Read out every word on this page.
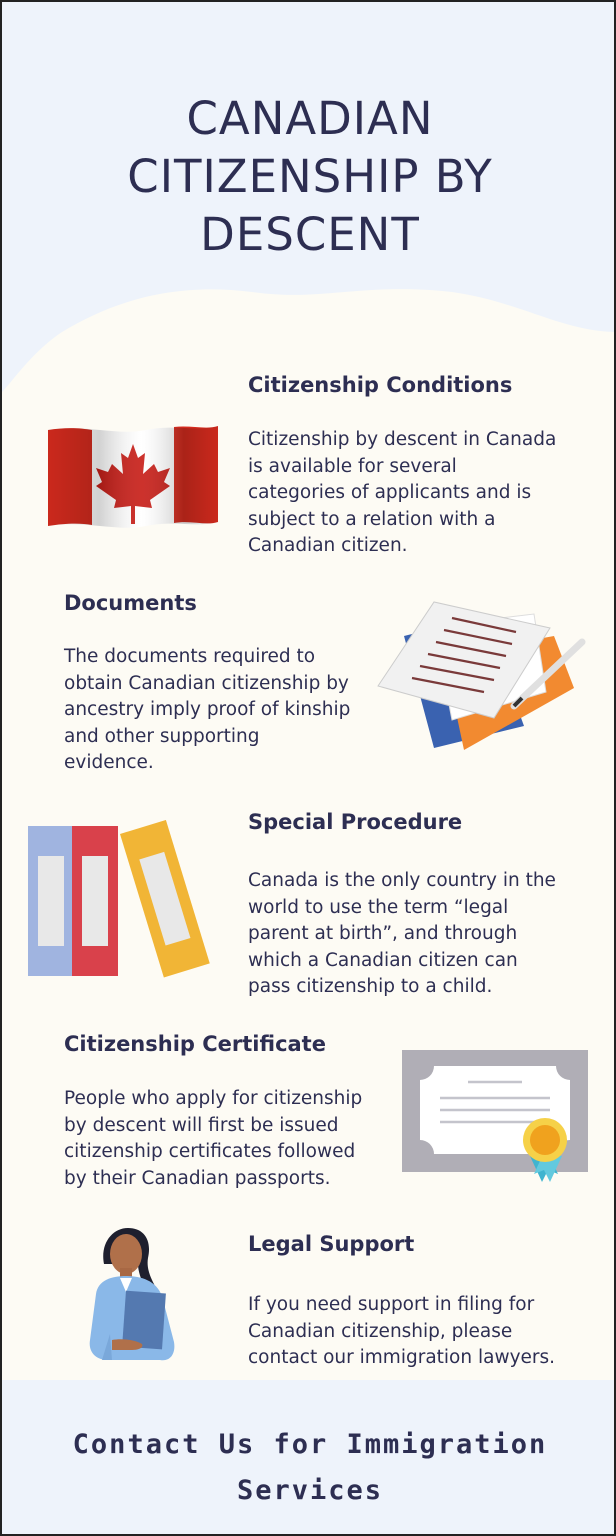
CANADIAN
CITIZENSHIP BY
DESCENT
Citizenship Conditions
Citizenship by descent in Canada
is available for several
categories of applicants and is
subject to a relation with a
Canadian citizen.
Documents
The documents required to
obtain Canadian citizenship by
ancestry imply proof of kinship
and other supporting
evidence.
Special Procedure
Canada is the only country in the
world to use the term “legal
parent at birth”, and through
which a Canadian citizen can
pass citizenship to a child.
Citizenship Certificate
People who apply for citizenship
by descent will first be issued
citizenship certificates followed
by their Canadian passports.
Legal Support
If you need support in filing for
Canadian citizenship, please
contact our immigration lawyers.
Contact Us for Immigration
Services
